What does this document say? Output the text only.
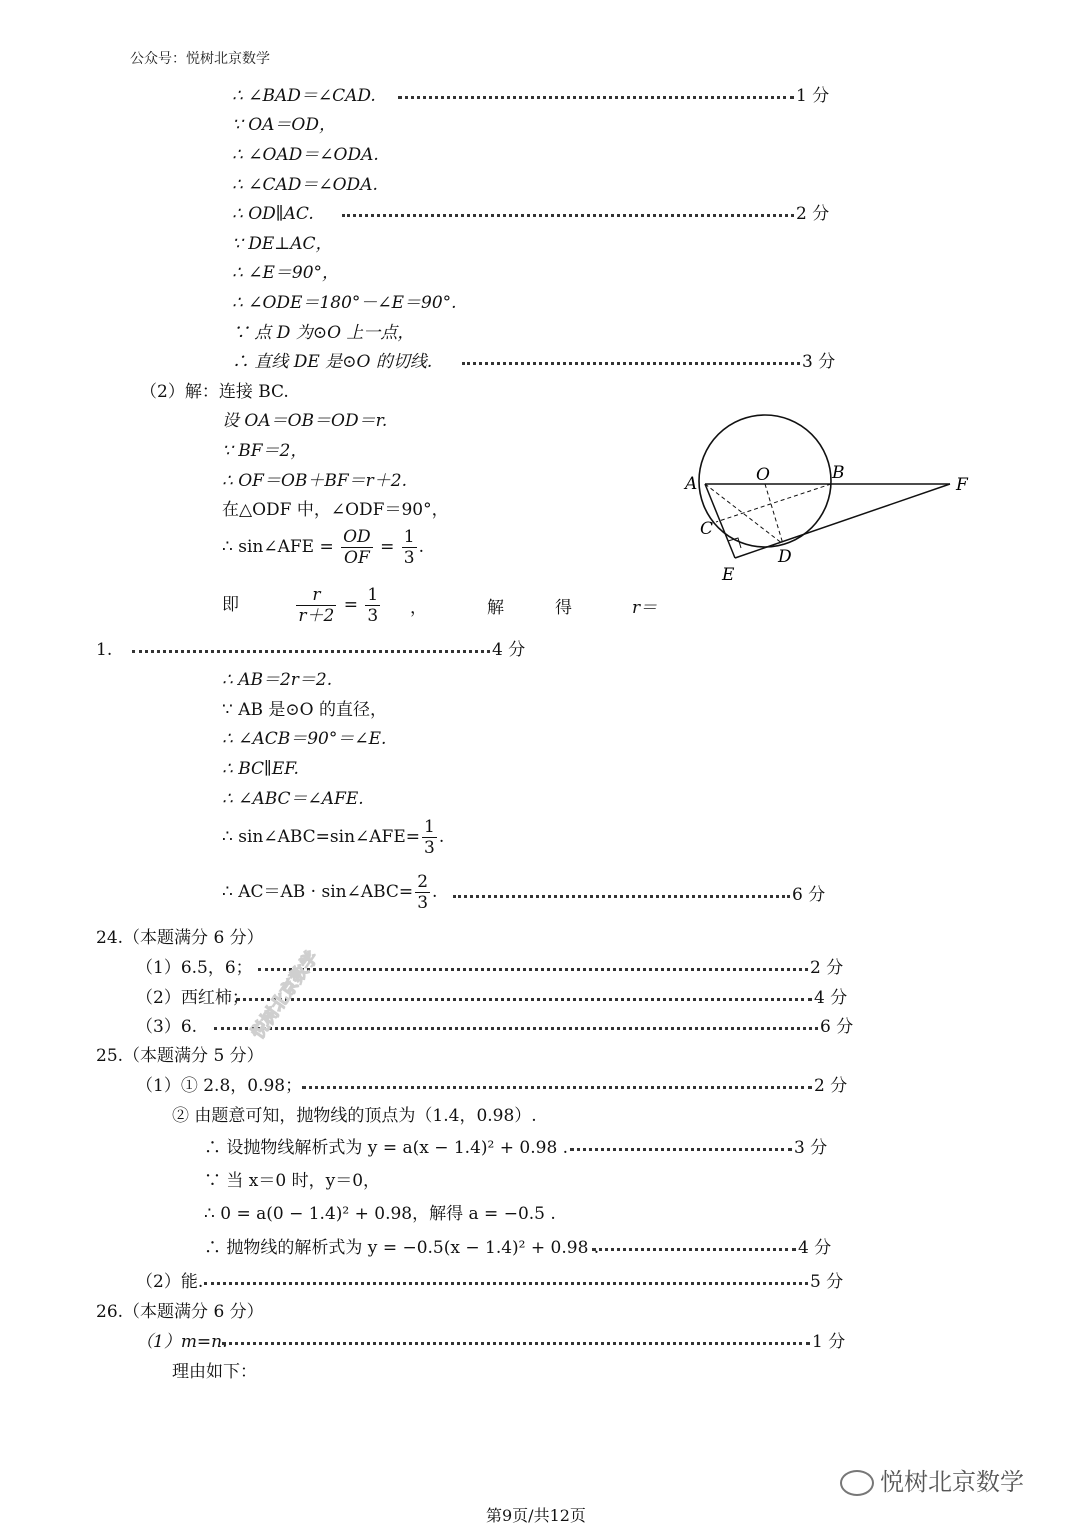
公众号：悦树北京数学
∴ ∠BAD＝∠CAD.	1 分
∵ OA＝OD，
∴ ∠OAD＝∠ODA.
∴ ∠CAD＝∠ODA.
∴ OD∥AC.	2 分
∵ DE⊥AC，
∴ ∠E＝90°，
∴ ∠ODE＝180°－∠E＝90°.
∵ 点 D 为⊙O 上一点，
∴ 直线 DE 是⊙O 的切线.	3 分
（2）解：连接 BC.
设 OA＝OB＝OD＝r.
∵ BF＝2，
∴ OF＝OB＋BF＝r＋2.
在△ODF 中，∠ODF＝90°，
∴ sin∠AFE = $\frac{OD}{OF} = \frac{1}{3}$ .
即	$\frac{r}{r+2} = \frac{1}{3}$ ，	解	得	r＝
1.	4 分
∴ AB＝2r＝2.
∵ AB 是⊙O 的直径，
∴ ∠ACB＝90°＝∠E.
∴ BC∥EF.
∴ ∠ABC＝∠AFE.
∴ sin∠ABC=sin∠AFE= $\frac{1}{3}$ .
∴ AC＝AB · sin∠ABC= $\frac{2}{3}$ .	6 分
A	O	B
F
C
D
E
24.（本题满分 6 分）
（1）6.5，6；	2 分
（2）西红柿；	4 分
（3）6.	6 分
25.（本题满分 5 分）
（1）① 2.8，0.98；	2 分
② 由题意可知，抛物线的顶点为（1.4，0.98）.
∴ 设抛物线解析式为 y = a(x − 1.4)² + 0.98 .	3 分
∵ 当 x＝0 时，y＝0，
∴ 0 = a(0 − 1.4)² + 0.98，解得 a = −0.5 .
∴ 抛物线的解析式为 y = −0.5(x − 1.4)² + 0.98 .	4 分
（2）能.	5 分
26.（本题满分 6 分）
（1）m=n.	1 分
理由如下：
悦树北京数学
悦树北京数学
第9页/共12页
